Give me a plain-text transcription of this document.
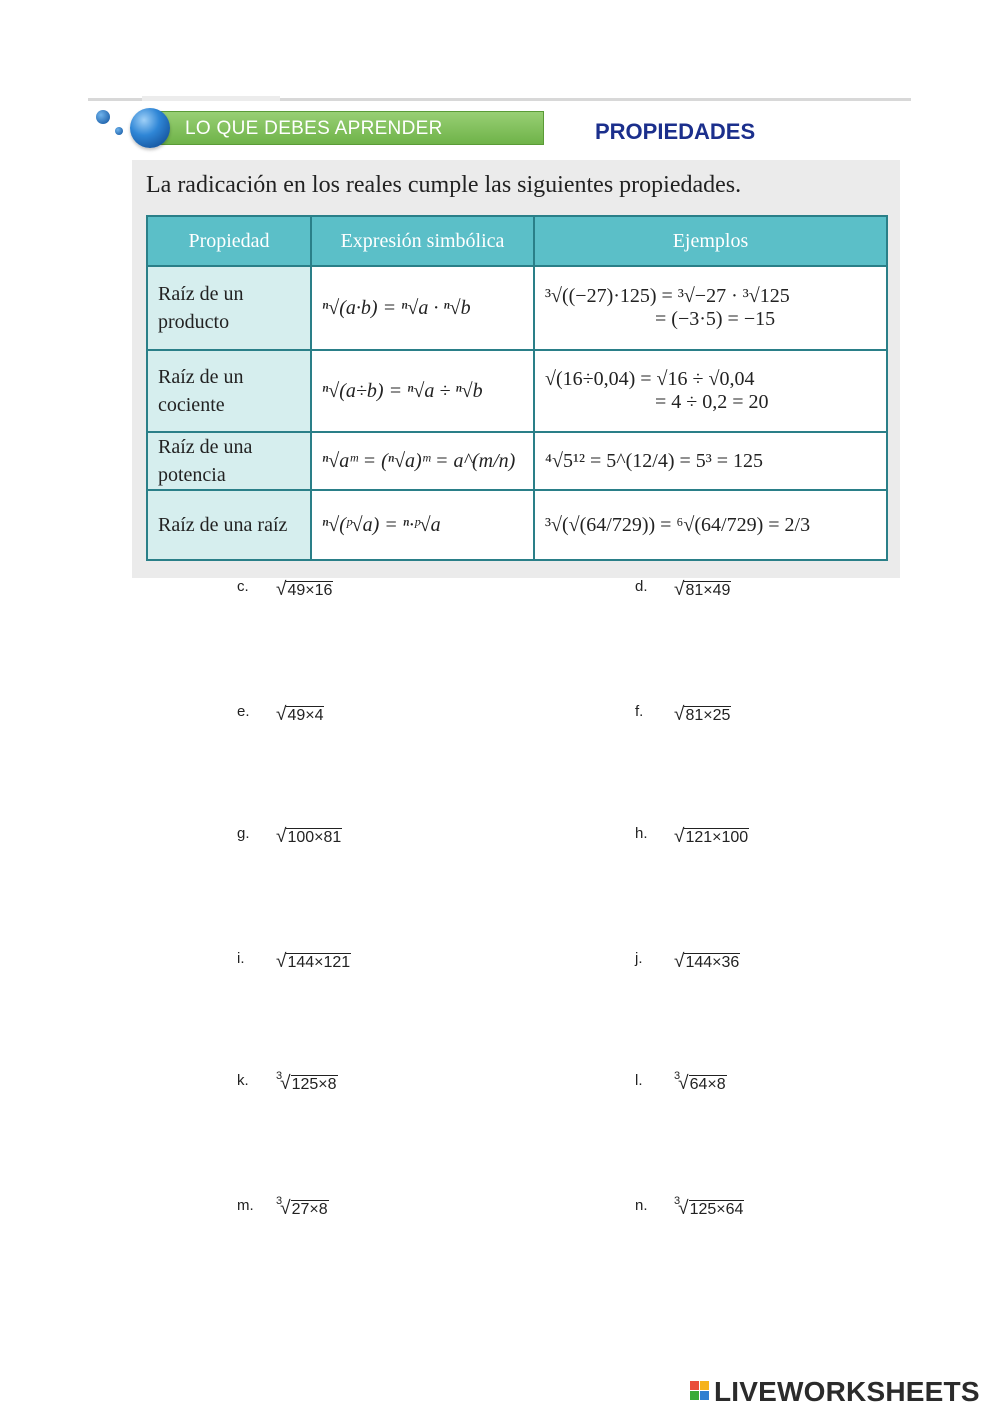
LO QUE DEBES APRENDER	PROPIEDADES
La radicación en los reales cumple las siguientes propiedades.
Propiedad	Expresión simbólica	Ejemplos
Raíz de un producto	ⁿ√(a·b) = ⁿ√a · ⁿ√b	³√((−27)·125) = ³√−27 · ³√125
= (−3·5) = −15

Raíz de un cociente	ⁿ√(a÷b) = ⁿ√a ÷ ⁿ√b	√(16÷0,04) = √16 ÷ √0,04
= 4 ÷ 0,2 = 20

Raíz de una potencia	ⁿ√aᵐ = (ⁿ√a)ᵐ = a^(m/n)	⁴√5¹² = 5^(12/4) = 5³ = 125

Raíz de una raíz	ⁿ√(ᵖ√a) = ⁿ·ᵖ√a	³√(√(64/729)) = ⁶√(64/729) = 2/3
c. √49×16	d. √81×49
e. √49×4	f. √81×25
g. √100×81	h. √121×100
i. √144×121	j. √144×36
k. $^3$√125×8	l.	$^3$√64×8
m. $^3$√27×8	n. $^3$√125×64
LIVEWORKSHEETS
